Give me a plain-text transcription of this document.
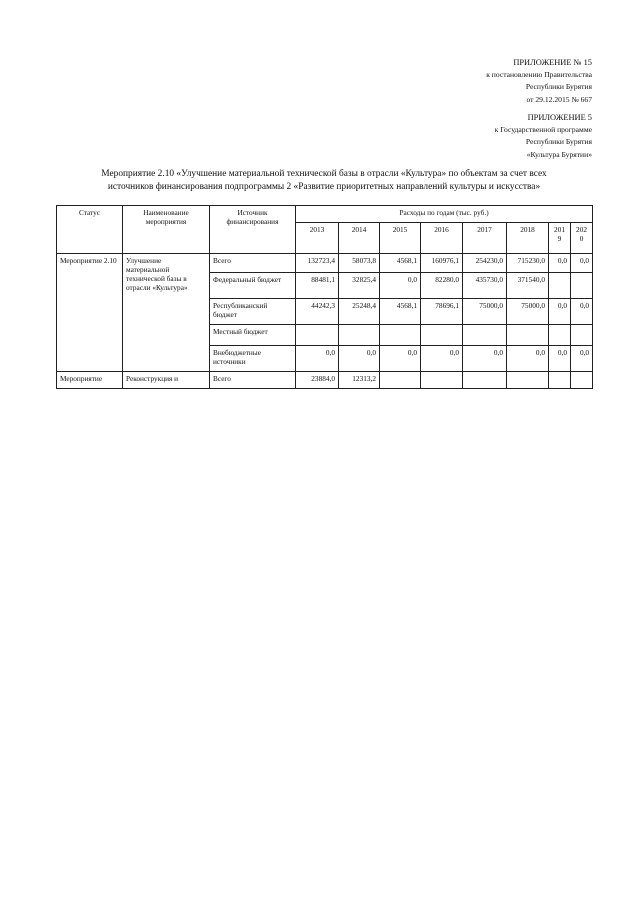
ПРИЛОЖЕНИЕ № 15
к постановлению Правительства
Республики Бурятия
от 29.12.2015 № 667
ПРИЛОЖЕНИЕ 5
к Государственной программе
Республики Бурятия
«Культура Бурятии»
Мероприятие 2.10 «Улучшение материальной технической базы в отрасли «Культура» по объектам за счет всех
источников финансирования подпрограммы 2 «Развитие приоритетных направлений культуры и искусства»
Статус	Наименование мероприятия	Источник финансирования	Расходы по годам (тыс. руб.)							
			2013	2014	2015	2016	2017	2018	201 9	202 0
Мероприятие 2.10	Улучшение материальной технической базы в отрасли «Культура»	Всего	132723,4	58073,8	4568,1	160976,1	254230,0	715230,0	0,0	0,0
		Федеральный бюджет	88481,1	32825,4	0,0	82280,0	435730,0	371540,0		
		Республиканский бюджет	44242,3	25248,4	4568,1	78696,1	75000,0	75000,0	0,0	0,0
		Местный бюджет								
		Внебюджетные источники	0,0	0,0	0,0	0,0	0,0	0,0	0,0	0,0
Мероприятие	Реконструкция и	Всего	23884,0	12313,2						
